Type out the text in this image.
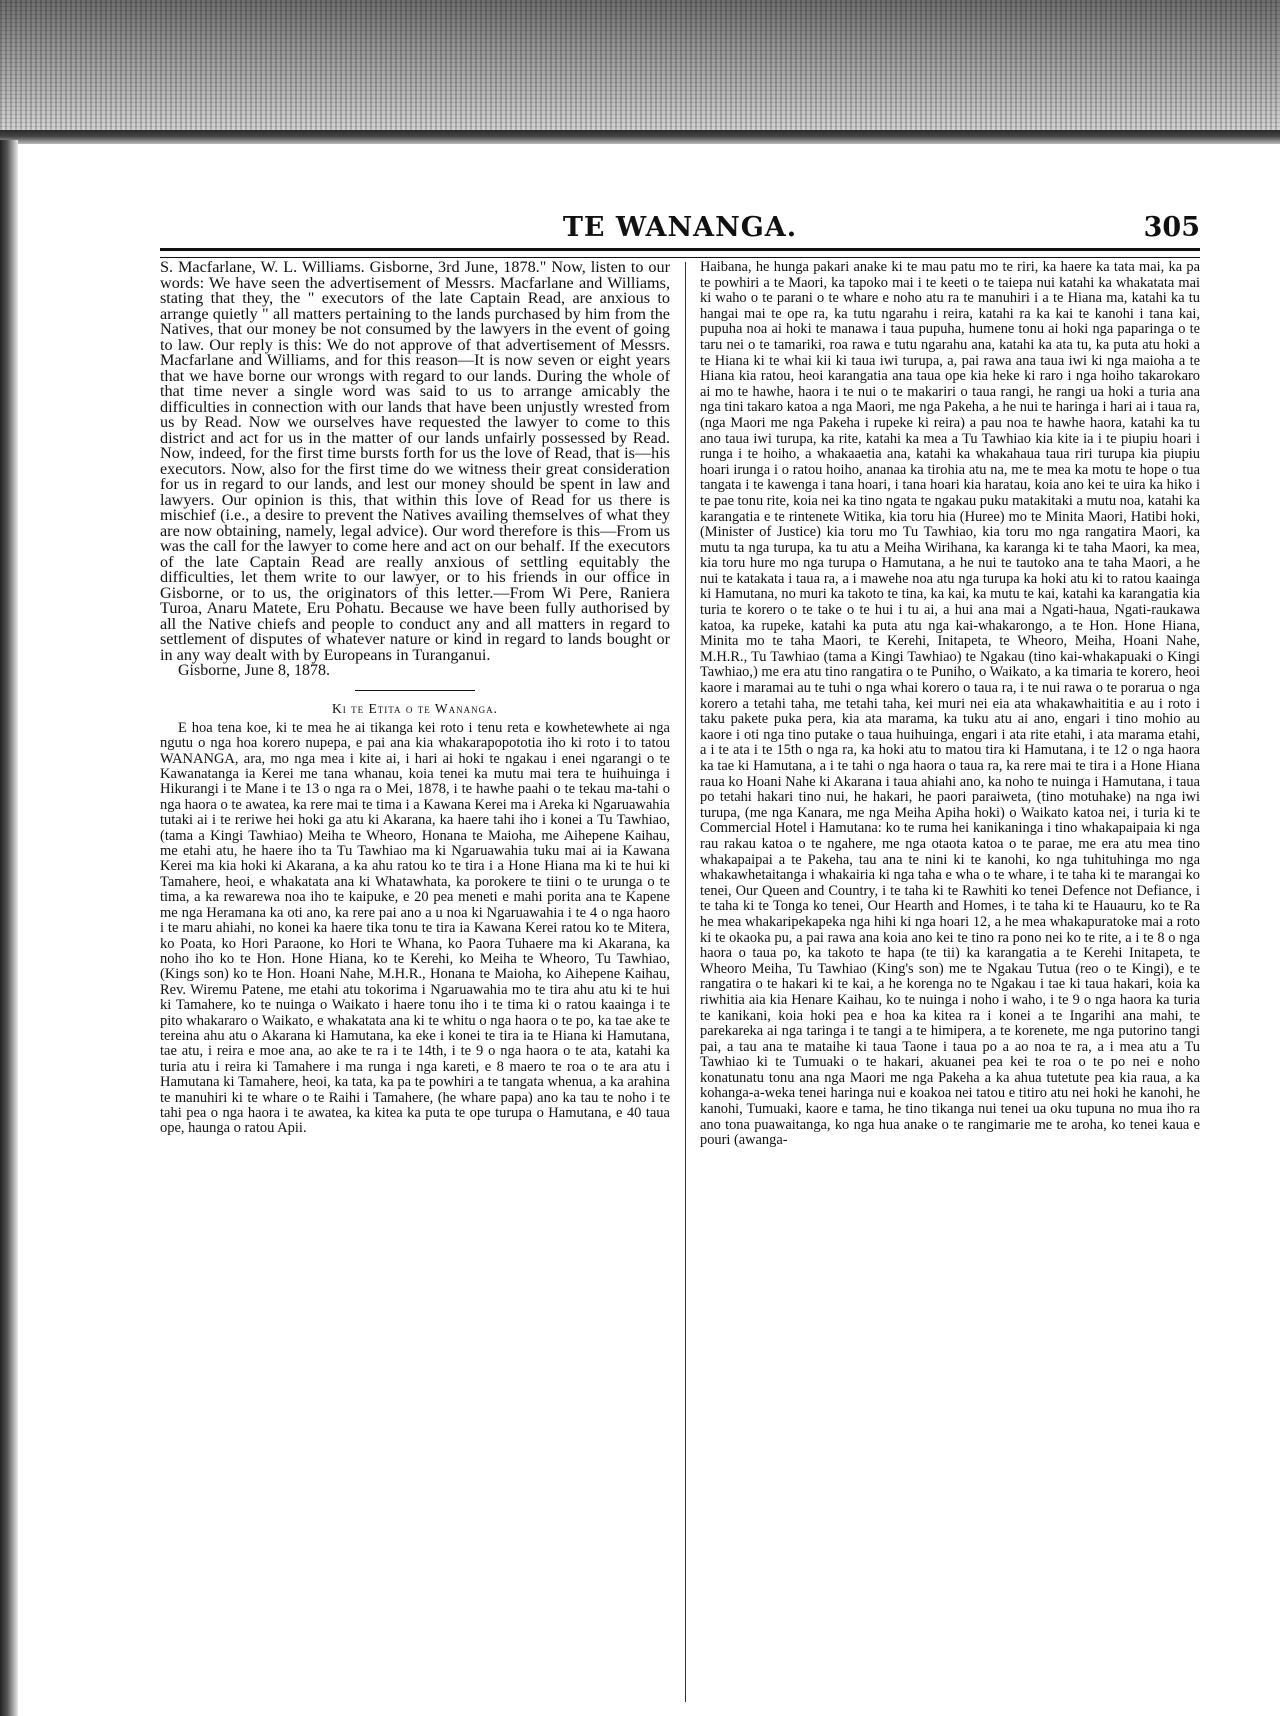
TE WANANGA.	305

S. Macfarlane, W. L. Williams. Gisborne, 3rd June, 1878." Now, listen to our words: We have seen the advertisement of Messrs. Macfarlane and Williams, stating that they, the " executors of the late Captain Read, are anxious to arrange quietly " all matters pertaining to the lands purchased by him from the Natives, that our money be not consumed by the lawyers in the event of going to law. Our reply is this: We do not approve of that advertisement of Messrs. Macfarlane and Williams, and for this reason—It is now seven or eight years that we have borne our wrongs with regard to our lands. During the whole of that time never a single word was said to us to arrange amicably the difficulties in connection with our lands that have been unjustly wrested from us by Read. Now we ourselves have requested the lawyer to come to this district and act for us in the matter of our lands unfairly possessed by Read. Now, indeed, for the first time bursts forth for us the love of Read, that is—his executors. Now, also for the first time do we witness their great consideration for us in regard to our lands, and lest our money should be spent in law and lawyers. Our opinion is this, that within this love of Read for us there is mischief (i.e., a desire to prevent the Natives availing themselves of what they are now obtaining, namely, legal advice). Our word therefore is this—From us was the call for the lawyer to come here and act on our behalf. If the executors of the late Captain Read are really anxious of settling equitably the difficulties, let them write to our lawyer, or to his friends in our office in Gisborne, or to us, the originators of this letter.—From Wi Pere, Raniera Turoa, Anaru Matete, Eru Pohatu. Because we have been fully authorised by all the Native chiefs and people to conduct any and all matters in regard to settlement of disputes of whatever nature or kind in regard to lands bought or in any way dealt with by Europeans in Turanganui.

Gisborne, June 8, 1878.

Ki te Etita o te Wananga.

E hoa tena koe, ki te mea he ai tikanga kei roto i tenu reta e kowhetewhete ai nga ngutu o nga hoa korero nupepa, e pai ana kia whakarapopototia iho ki roto i to tatou WANANGA, ara, mo nga mea i kite ai, i hari ai hoki te ngakau i enei ngarangi o te Kawanatanga ia Kerei me tana whanau, koia tenei ka mutu mai tera te huihuinga i Hikurangi i te Mane i te 13 o nga ra o Mei, 1878, i te hawhe paahi o te tekau ma-tahi o nga haora o te awatea, ka rere mai te tima i a Kawana Kerei ma i Areka ki Ngaruawahia tutaki ai i te reriwe hei hoki ga atu ki Akarana, ka haere tahi iho i konei a Tu Tawhiao, (tama a Kingi Tawhiao) Meiha te Wheoro, Honana te Maioha, me Aihepene Kaihau, me etahi atu, he haere iho ta Tu Tawhiao ma ki Ngaruawahia tuku mai ai ia Kawana Kerei ma kia hoki ki Akarana, a ka ahu ratou ko te tira i a Hone Hiana ma ki te hui ki Tamahere, heoi, e whakatata ana ki Whatawhata, ka porokere te tiini o te urunga o te tima, a ka rewarewa noa iho te kaipuke, e 20 pea meneti e mahi porita ana te Kapene me nga Heramana ka oti ano, ka rere pai ano a u noa ki Ngaruawahia i te 4 o nga haoro i te maru ahiahi, no konei ka haere tika tonu te tira ia Kawana Kerei ratou ko te Mitera, ko Poata, ko Hori Paraone, ko Hori te Whana, ko Paora Tuhaere ma ki Akarana, ka noho iho ko te Hon. Hone Hiana, ko te Kerehi, ko Meiha te Wheoro, Tu Tawhiao, (Kings son) ko te Hon. Hoani Nahe, M.H.R., Honana te Maioha, ko Aihepene Kaihau, Rev. Wiremu Patene, me etahi atu tokorima i Ngaruawahia mo te tira ahu atu ki te hui ki Tamahere, ko te nuinga o Waikato i haere tonu iho i te tima ki o ratou kaainga i te pito whakararo o Waikato, e whakatata ana ki te whitu o nga haora o te po, ka tae ake te tereina ahu atu o Akarana ki Hamutana, ka eke i konei te tira ia te Hiana ki Hamutana, tae atu, i reira e moe ana, ao ake te ra i te 14th, i te 9 o nga haora o te ata, katahi ka turia atu i reira ki Tamahere i ma runga i nga kareti, e 8 maero te roa o te ara atu i Hamutana ki Tamahere, heoi, ka tata, ka pa te powhiri a te tangata whenua, a ka arahina te manuhiri ki te whare o te Raihi i Tamahere, (he whare papa) ano ka tau te noho i te tahi pea o nga haora i te awatea, ka kitea ka puta te ope turupa o Hamutana, e 40 taua ope, haunga o ratou Apii.

Haibana, he hunga pakari anake ki te mau patu mo te riri, ka haere ka tata mai, ka pa te powhiri a te Maori, ka tapoko mai i te keeti o te taiepa nui katahi ka whakatata mai ki waho o te parani o te whare e noho atu ra te manuhiri i a te Hiana ma, katahi ka tu hangai mai te ope ra, ka tutu ngarahu i reira, katahi ra ka kai te kanohi i tana kai, pupuha noa ai hoki te manawa i taua pupuha, humene tonu ai hoki nga paparinga o te taru nei o te tamariki, roa rawa e tutu ngarahu ana, katahi ka ata tu, ka puta atu hoki a te Hiana ki te whai kii ki taua iwi turupa, a, pai rawa ana taua iwi ki nga maioha a te Hiana kia ratou, heoi karangatia ana taua ope kia heke ki raro i nga hoiho takarokaro ai mo te hawhe, haora i te nui o te makariri o taua rangi, he rangi ua hoki a turia ana nga tini takaro katoa a nga Maori, me nga Pakeha, a he nui te haringa i hari ai i taua ra, (nga Maori me nga Pakeha i rupeke ki reira) a pau noa te hawhe haora, katahi ka tu ano taua iwi turupa, ka rite, katahi ka mea a Tu Tawhiao kia kite ia i te piupiu hoari i runga i te hoiho, a whakaaetia ana, katahi ka whakahaua taua riri turupa kia piupiu hoari irunga i o ratou hoiho, ananaa ka tirohia atu na, me te mea ka motu te hope o tua tangata i te kawenga i tana hoari, i tana hoari kia haratau, koia ano kei te uira ka hiko i te pae tonu rite, koia nei ka tino ngata te ngakau puku matakitaki a mutu noa, katahi ka karangatia e te rintenete Witika, kia toru hia (Huree) mo te Minita Maori, Hatibi hoki, (Minister of Justice) kia toru mo Tu Tawhiao, kia toru mo nga rangatira Maori, ka mutu ta nga turupa, ka tu atu a Meiha Wirihana, ka karanga ki te taha Maori, ka mea, kia toru hure mo nga turupa o Hamutana, a he nui te tautoko ana te taha Maori, a he nui te katakata i taua ra, a i mawehe noa atu nga turupa ka hoki atu ki to ratou kaainga ki Hamutana, no muri ka takoto te tina, ka kai, ka mutu te kai, katahi ka karangatia kia turia te korero o te take o te hui i tu ai, a hui ana mai a Ngati-haua, Ngati-raukawa katoa, ka rupeke, katahi ka puta atu nga kai-whakarongo, a te Hon. Hone Hiana, Minita mo te taha Maori, te Kerehi, Initapeta, te Wheoro, Meiha, Hoani Nahe, M.H.R., Tu Tawhiao (tama a Kingi Tawhiao) te Ngakau (tino kai-whakapuaki o Kingi Tawhiao,) me era atu tino rangatira o te Puniho, o Waikato, a ka timaria te korero, heoi kaore i maramai au te tuhi o nga whai korero o taua ra, i te nui rawa o te porarua o nga korero a tetahi taha, me tetahi taha, kei muri nei eia ata whakawhaititia e au i roto i taku pakete puka pera, kia ata marama, ka tuku atu ai ano, engari i tino mohio au kaore i oti nga tino putake o taua huihuinga, engari i ata rite etahi, i ata marama etahi, a i te ata i te 15th o nga ra, ka hoki atu to matou tira ki Hamutana, i te 12 o nga haora ka tae ki Hamutana, a i te tahi o nga haora o taua ra, ka rere mai te tira i a Hone Hiana raua ko Hoani Nahe ki Akarana i taua ahiahi ano, ka noho te nuinga i Hamutana, i taua po tetahi hakari tino nui, he hakari, he paori paraiweta, (tino motuhake) na nga iwi turupa, (me nga Kanara, me nga Meiha Apiha hoki) o Waikato katoa nei, i turia ki te Commercial Hotel i Hamutana: ko te ruma hei kanikaninga i tino whakapaipaia ki nga rau rakau katoa o te ngahere, me nga otaota katoa o te parae, me era atu mea tino whakapaipai a te Pakeha, tau ana te nini ki te kanohi, ko nga tuhituhinga mo nga whakawhetaitanga i whakairia ki nga taha e wha o te whare, i te taha ki te marangai ko tenei, Our Queen and Country, i te taha ki te Rawhiti ko tenei Defence not Defiance, i te taha ki te Tonga ko tenei, Our Hearth and Homes, i te taha ki te Hauauru, ko te Ra he mea whakaripekapeka nga hihi ki nga hoari 12, a he mea whakapuratoke mai a roto ki te okaoka pu, a pai rawa ana koia ano kei te tino ra pono nei ko te rite, a i te 8 o nga haora o taua po, ka takoto te hapa (te tii) ka karangatia a te Kerehi Initapeta, te Wheoro Meiha, Tu Tawhiao (King's son) me te Ngakau Tutua (reo o te Kingi), e te rangatira o te hakari ki te kai, a he korenga no te Ngakau i tae ki taua hakari, koia ka riwhitia aia kia Henare Kaihau, ko te nuinga i noho i waho, i te 9 o nga haora ka turia te kanikani, koia hoki pea e hoa ka kitea ra i konei a te Ingarihi ana mahi, te parekareka ai nga taringa i te tangi a te himipera, a te korenete, me nga putorino tangi pai, a tau ana te mataihe ki taua Taone i taua po a ao noa te ra, a i mea atu a Tu Tawhiao ki te Tumuaki o te hakari, akuanei pea kei te roa o te po nei e noho konatunatu tonu ana nga Maori me nga Pakeha a ka ahua tutetute pea kia raua, a ka kohanga-a-weka tenei haringa nui e koakoa nei tatou e titiro atu nei hoki he kanohi, he kanohi, Tumuaki, kaore e tama, he tino tikanga nui tenei ua oku tupuna no mua iho ra ano tona puawaitanga, ko nga hua anake o te rangimarie me te aroha, ko tenei kaua e pouri (awanga-
